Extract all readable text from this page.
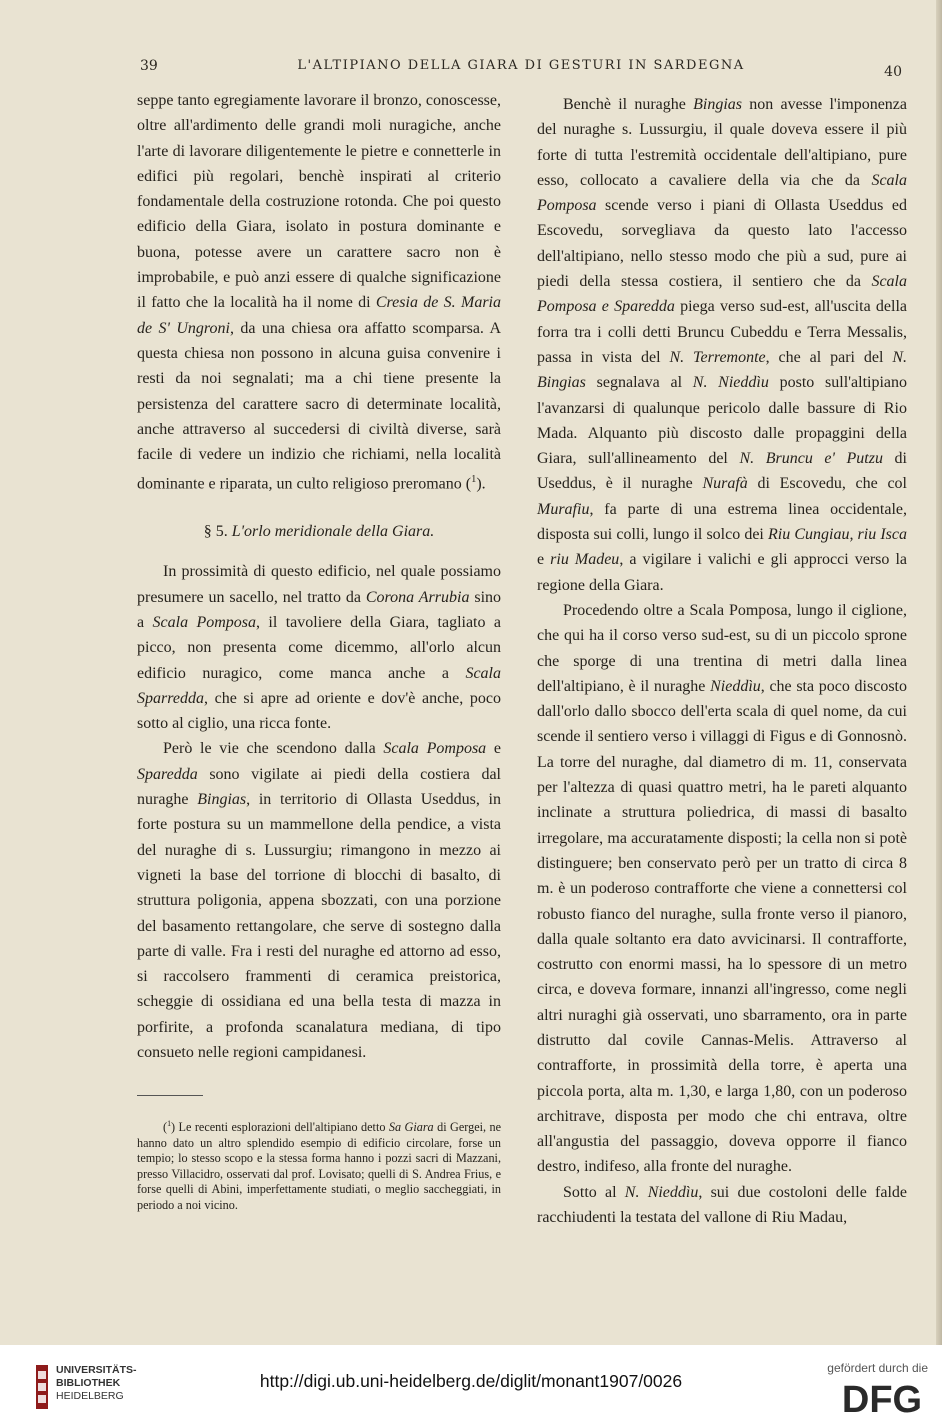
39	L'ALTIPIANO DELLA GIARA DI GESTURI IN SARDEGNA	40

seppe tanto egregiamente lavorare il bronzo, conoscesse, oltre all'ardimento delle grandi moli nuragiche, anche l'arte di lavorare diligentemente le pietre e connetterle in edifici più regolari, benchè inspirati al criterio fondamentale della costruzione rotonda. Che poi questo edificio della Giara, isolato in postura dominante e buona, potesse avere un carattere sacro non è improbabile, e può anzi essere di qualche significazione il fatto che la località ha il nome di Cresia de S. Maria de S' Ungroni, da una chiesa ora affatto scomparsa. A questa chiesa non possono in alcuna guisa convenire i resti da noi segnalati; ma a chi tiene presente la persistenza del carattere sacro di determinate località, anche attraverso al succedersi di civiltà diverse, sarà facile di vedere un indizio che richiami, nella località dominante e riparata, un culto religioso preromano ($^1$).

§ 5. L'orlo meridionale della Giara.

In prossimità di questo edificio, nel quale possiamo presumere un sacello, nel tratto da Corona Arrubia sino a Scala Pomposa, il tavoliere della Giara, tagliato a picco, non presenta come dicemmo, all'orlo alcun edificio nuragico, come manca anche a Scala Sparredda, che si apre ad oriente e dov'è anche, poco sotto al ciglio, una ricca fonte.

Però le vie che scendono dalla Scala Pomposa e Sparedda sono vigilate ai piedi della costiera dal nuraghe Bingias, in territorio di Ollasta Useddus, in forte postura su un mammellone della pendice, a vista del nuraghe di s. Lussurgiu; rimangono in mezzo ai vigneti la base del torrione di blocchi di basalto, di struttura poligonia, appena sbozzati, con una porzione del basamento rettangolare, che serve di sostegno dalla parte di valle. Fra i resti del nuraghe ed attorno ad esso, si raccolsero frammenti di ceramica preistorica, scheggie di ossidiana ed una bella testa di mazza in porfirite, a profonda scanalatura mediana, di tipo consueto nelle regioni campidanesi.

($^1$) Le recenti esplorazioni dell'altipiano detto Sa Giara di Gergei, ne hanno dato un altro splendido esempio di edificio circolare, forse un tempio; lo stesso scopo e la stessa forma hanno i pozzi sacri di Mazzani, presso Villacidro, osservati dal prof. Lovisato; quelli di S. Andrea Frius, e forse quelli di Abini, imperfettamente studiati, o meglio saccheggiati, in periodo a noi vicino.

Benchè il nuraghe Bingias non avesse l'imponenza del nuraghe s. Lussurgiu, il quale doveva essere il più forte di tutta l'estremità occidentale dell'altipiano, pure esso, collocato a cavaliere della via che da Scala Pomposa scende verso i piani di Ollasta Useddus ed Escovedu, sorvegliava da questo lato l'accesso dell'altipiano, nello stesso modo che più a sud, pure ai piedi della stessa costiera, il sentiero che da Scala Pomposa e Sparedda piega verso sud-est, all'uscita della forra tra i colli detti Bruncu Cubeddu e Terra Messalis, passa in vista del N. Terremonte, che al pari del N. Bingias segnalava al N. Nieddìu posto sull'altipiano l'avanzarsi di qualunque pericolo dalle bassure di Rio Mada. Alquanto più discosto dalle propaggini della Giara, sull'allineamento del N. Bruncu e' Putzu di Useddus, è il nuraghe Nurafà di Escovedu, che col Murafiu, fa parte di una estrema linea occidentale, disposta sui colli, lungo il solco dei Riu Cungiau, riu Isca e riu Madeu, a vigilare i valichi e gli approcci verso la regione della Giara.

Procedendo oltre a Scala Pomposa, lungo il ciglione, che qui ha il corso verso sud-est, su di un piccolo sprone che sporge di una trentina di metri dalla linea dell'altipiano, è il nuraghe Nieddìu, che sta poco discosto dall'orlo dallo sbocco dell'erta scala di quel nome, da cui scende il sentiero verso i villaggi di Figus e di Gonnosnò. La torre del nuraghe, dal diametro di m. 11, conservata per l'altezza di quasi quattro metri, ha le pareti alquanto inclinate a struttura poliedrica, di massi di basalto irregolare, ma accuratamente disposti; la cella non si potè distinguere; ben conservato però per un tratto di circa 8 m. è un poderoso contrafforte che viene a connettersi col robusto fianco del nuraghe, sulla fronte verso il pianoro, dalla quale soltanto era dato avvicinarsi. Il contrafforte, costrutto con enormi massi, ha lo spessore di un metro circa, e doveva formare, innanzi all'ingresso, come negli altri nuraghi già osservati, uno sbarramento, ora in parte distrutto dal covile Cannas-Melis. Attraverso al contrafforte, in prossimità della torre, è aperta una piccola porta, alta m. 1,30, e larga 1,80, con un poderoso architrave, disposta per modo che chi entrava, oltre all'angustia del passaggio, doveva opporre il fianco destro, indifeso, alla fronte del nuraghe.

Sotto al N. Nieddìu, sui due costoloni delle falde racchiudenti la testata del vallone di Riu Madau,

UNIVERSITÄTS-
BIBLIOTHEK
HEIDELBERG
http://digi.ub.uni-heidelberg.de/diglit/monant1907/0026
gefördert durch die
DFG
